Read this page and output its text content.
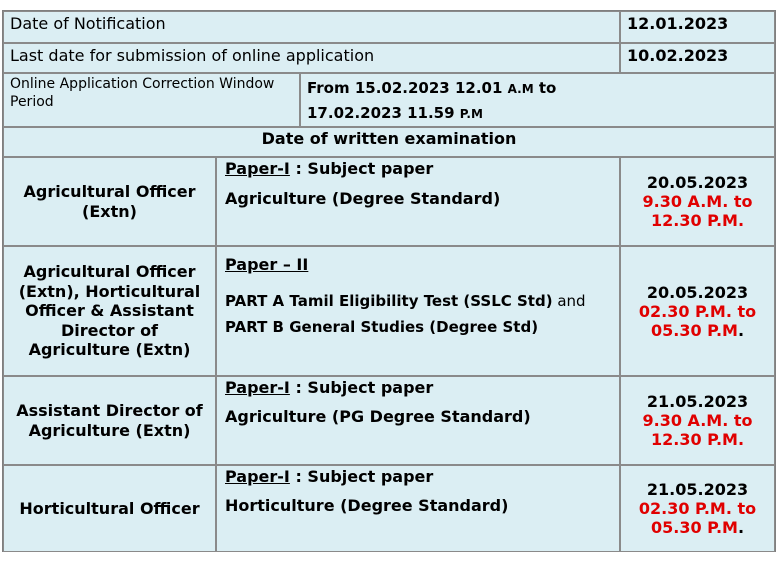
Date of Notification	12.01.2023
Last date for submission of online application	10.02.2023
Online Application Correction Window Period
From 15.02.2023 12.01 A.M to
17.02.2023 11.59 P.M
Date of written examination
Agricultural Officer (Extn)
Paper-I : Subject paper
Agriculture (Degree Standard)
20.05.2023
9.30 A.M. to
12.30 P.M.
Agricultural Officer (Extn), Horticultural Officer & Assistant Director of Agriculture (Extn)
Paper – II
PART A Tamil Eligibility Test (SSLC Std) and
PART B General Studies (Degree Std)
20.05.2023
02.30 P.M. to
05.30 P.M.
Assistant Director of Agriculture (Extn)
Paper-I : Subject paper
Agriculture (PG Degree Standard)
21.05.2023
9.30 A.M. to
12.30 P.M.
Horticultural Officer
Paper-I : Subject paper
Horticulture (Degree Standard)
21.05.2023
02.30 P.M. to
05.30 P.M.
